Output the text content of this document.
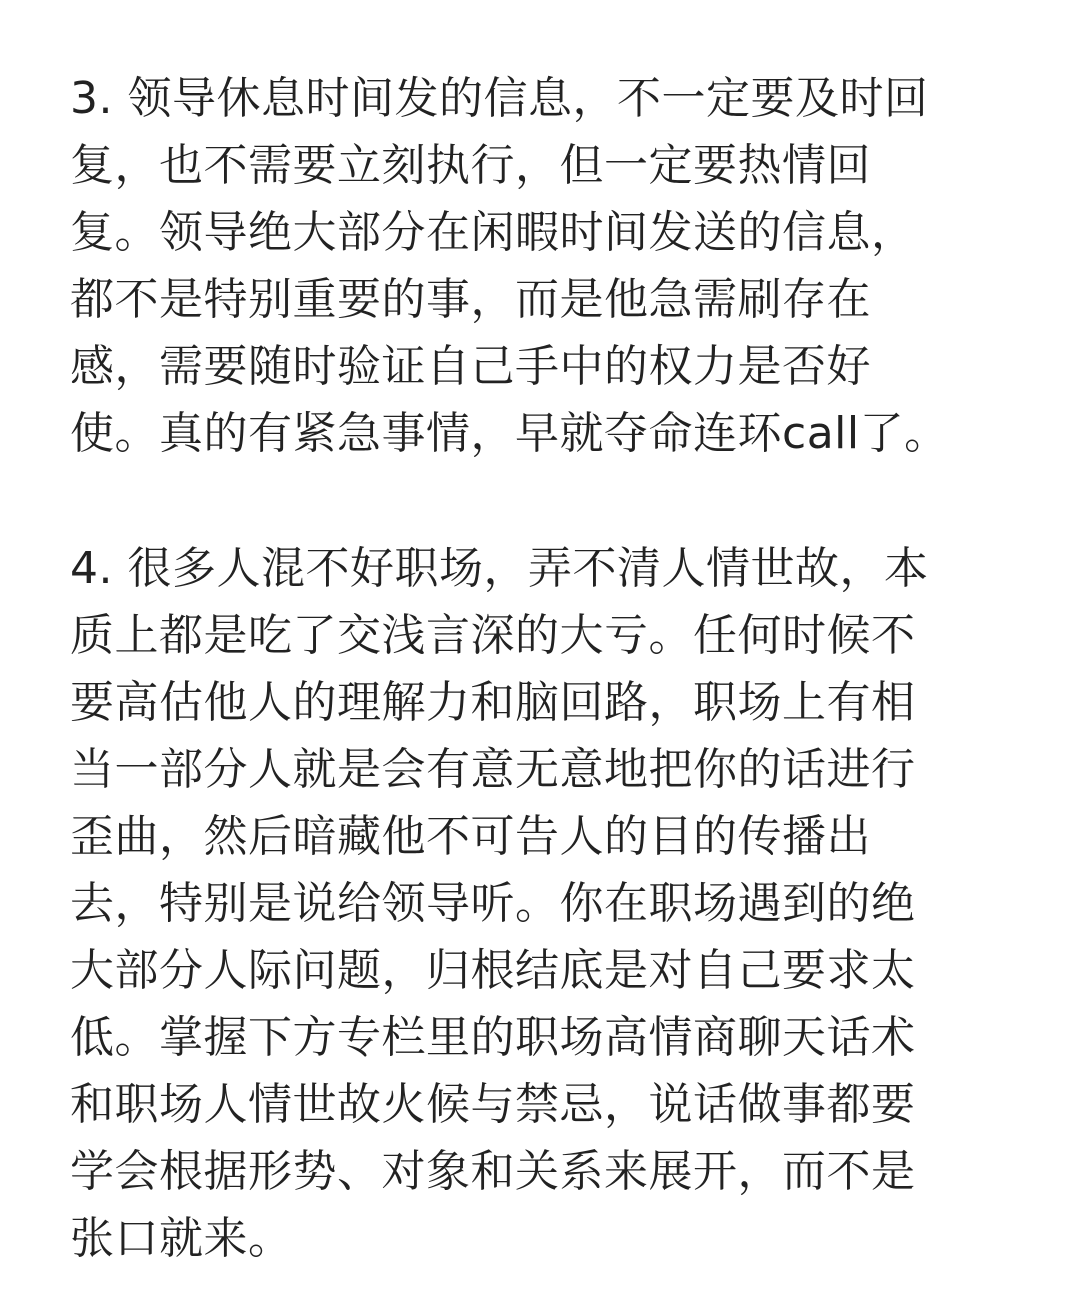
3. 领导休息时间发的信息，不一定要及时回
复，也不需要立刻执行，但一定要热情回
复。领导绝大部分在闲暇时间发送的信息，
都不是特别重要的事，而是他急需刷存在
感，需要随时验证自己手中的权力是否好
使。真的有紧急事情，早就夺命连环call了。
4. 很多人混不好职场，弄不清人情世故，本
质上都是吃了交浅言深的大亏。任何时候不
要高估他人的理解力和脑回路，职场上有相
当一部分人就是会有意无意地把你的话进行
歪曲，然后暗藏他不可告人的目的传播出
去，特别是说给领导听。你在职场遇到的绝
大部分人际问题，归根结底是对自己要求太
低。掌握下方专栏里的职场高情商聊天话术
和职场人情世故火候与禁忌，说话做事都要
学会根据形势、对象和关系来展开，而不是
张口就来。
